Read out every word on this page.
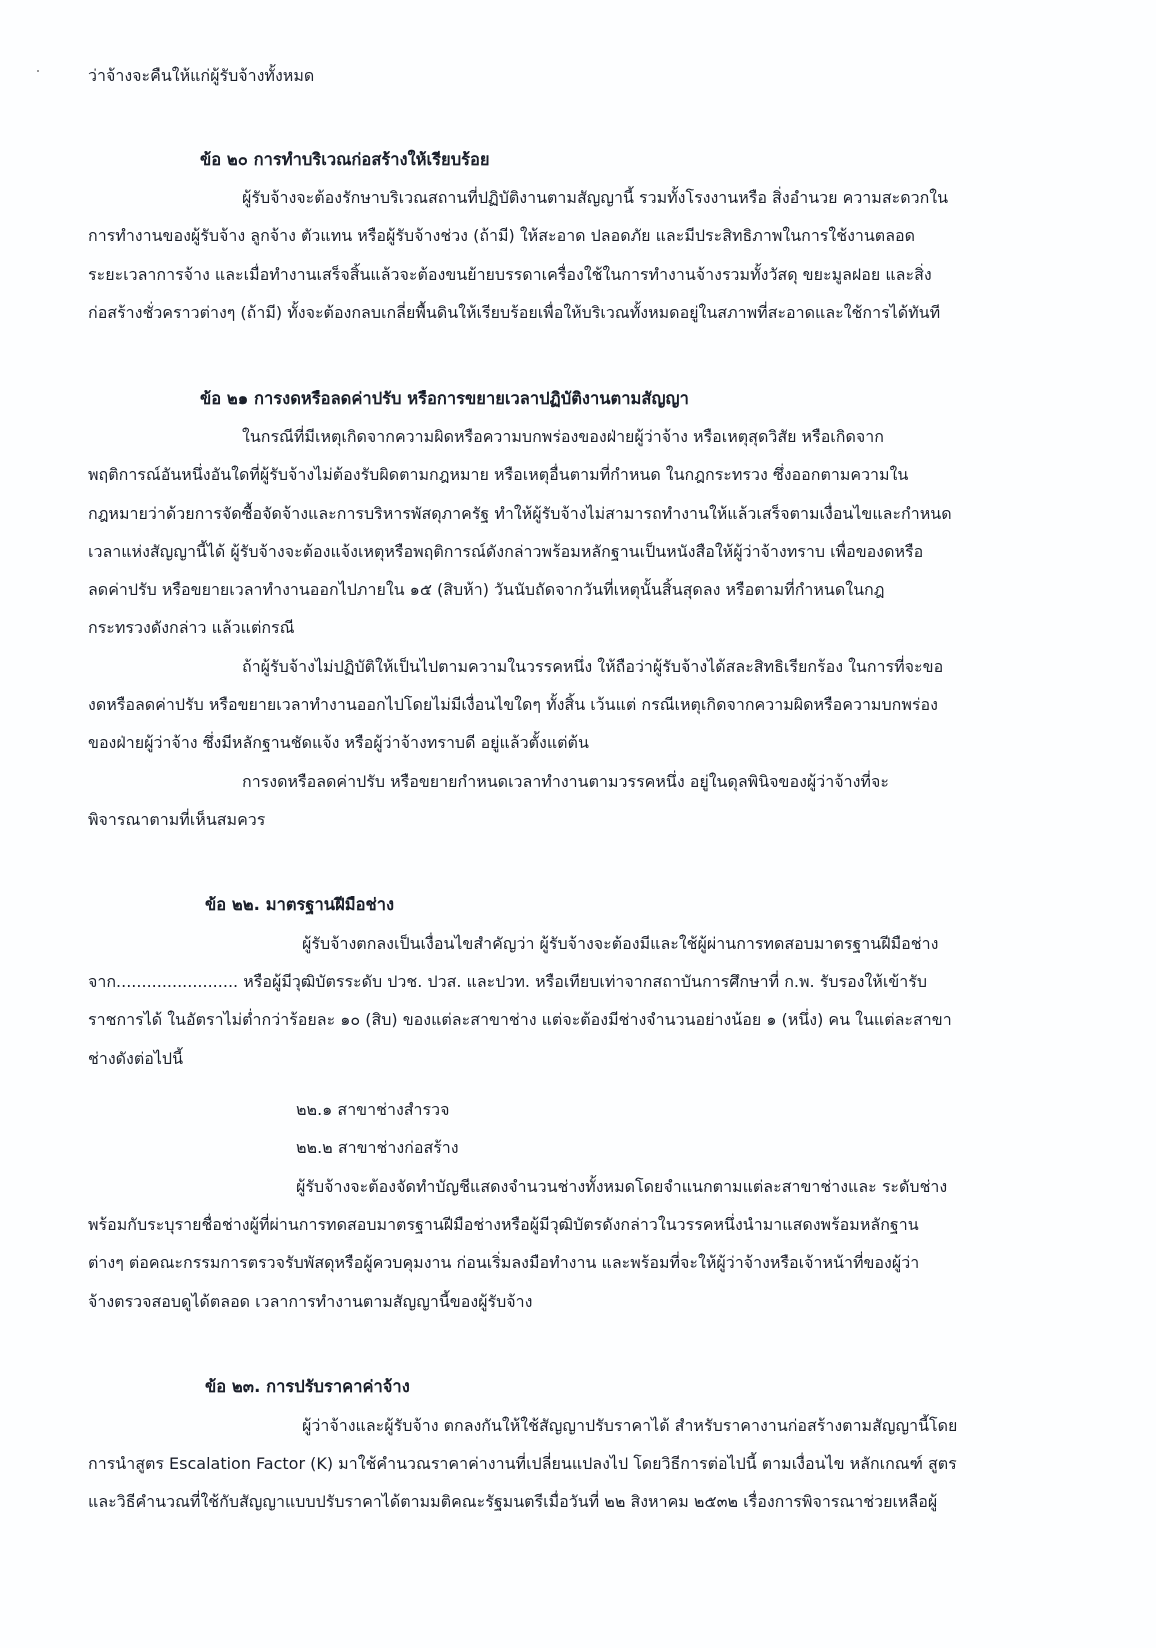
ว่าจ้างจะคืนให้แก่ผู้รับจ้างทั้งหมด
ข้อ ๒๐ การทำบริเวณก่อสร้างให้เรียบร้อย
ผู้รับจ้างจะต้องรักษาบริเวณสถานที่ปฏิบัติงานตามสัญญานี้ รวมทั้งโรงงานหรือ สิ่งอำนวย ความสะดวกใน
การทำงานของผู้รับจ้าง ลูกจ้าง ตัวแทน หรือผู้รับจ้างช่วง (ถ้ามี) ให้สะอาด ปลอดภัย และมีประสิทธิภาพในการใช้งานตลอด
ระยะเวลาการจ้าง และเมื่อทำงานเสร็จสิ้นแล้วจะต้องขนย้ายบรรดาเครื่องใช้ในการทำงานจ้างรวมทั้งวัสดุ ขยะมูลฝอย และสิ่ง
ก่อสร้างชั่วคราวต่างๆ (ถ้ามี) ทั้งจะต้องกลบเกลี่ยพื้นดินให้เรียบร้อยเพื่อให้บริเวณทั้งหมดอยู่ในสภาพที่สะอาดและใช้การได้ทันที
ข้อ ๒๑ การงดหรือลดค่าปรับ หรือการขยายเวลาปฏิบัติงานตามสัญญา
ในกรณีที่มีเหตุเกิดจากความผิดหรือความบกพร่องของฝ่ายผู้ว่าจ้าง หรือเหตุสุดวิสัย หรือเกิดจาก
พฤติการณ์อันหนึ่งอันใดที่ผู้รับจ้างไม่ต้องรับผิดตามกฎหมาย หรือเหตุอื่นตามที่กำหนด ในกฎกระทรวง ซึ่งออกตามความใน
กฎหมายว่าด้วยการจัดซื้อจัดจ้างและการบริหารพัสดุภาครัฐ ทำให้ผู้รับจ้างไม่สามารถทำงานให้แล้วเสร็จตามเงื่อนไขและกำหนด
เวลาแห่งสัญญานี้ได้ ผู้รับจ้างจะต้องแจ้งเหตุหรือพฤติการณ์ดังกล่าวพร้อมหลักฐานเป็นหนังสือให้ผู้ว่าจ้างทราบ เพื่อของดหรือ
ลดค่าปรับ หรือขยายเวลาทำงานออกไปภายใน ๑๕ (สิบห้า) วันนับถัดจากวันที่เหตุนั้นสิ้นสุดลง หรือตามที่กำหนดในกฎ
กระทรวงดังกล่าว แล้วแต่กรณี
ถ้าผู้รับจ้างไม่ปฏิบัติให้เป็นไปตามความในวรรคหนึ่ง ให้ถือว่าผู้รับจ้างได้สละสิทธิเรียกร้อง ในการที่จะขอ
งดหรือลดค่าปรับ หรือขยายเวลาทำงานออกไปโดยไม่มีเงื่อนไขใดๆ ทั้งสิ้น เว้นแต่ กรณีเหตุเกิดจากความผิดหรือความบกพร่อง
ของฝ่ายผู้ว่าจ้าง ซึ่งมีหลักฐานชัดแจ้ง หรือผู้ว่าจ้างทราบดี อยู่แล้วตั้งแต่ต้น
การงดหรือลดค่าปรับ หรือขยายกำหนดเวลาทำงานตามวรรคหนึ่ง อยู่ในดุลพินิจของผู้ว่าจ้างที่จะ
พิจารณาตามที่เห็นสมควร
ข้อ ๒๒. มาตรฐานฝีมือช่าง
ผู้รับจ้างตกลงเป็นเงื่อนไขสำคัญว่า ผู้รับจ้างจะต้องมีและใช้ผู้ผ่านการทดสอบมาตรฐานฝีมือช่าง
จาก........................ หรือผู้มีวุฒิบัตรระดับ ปวช. ปวส. และปวท. หรือเทียบเท่าจากสถาบันการศึกษาที่ ก.พ. รับรองให้เข้ารับ
ราชการได้ ในอัตราไม่ต่ำกว่าร้อยละ ๑๐ (สิบ) ของแต่ละสาขาช่าง แต่จะต้องมีช่างจำนวนอย่างน้อย ๑ (หนึ่ง) คน ในแต่ละสาขา
ช่างดังต่อไปนี้
๒๒.๑ สาขาช่างสำรวจ
๒๒.๒ สาขาช่างก่อสร้าง
ผู้รับจ้างจะต้องจัดทำบัญชีแสดงจำนวนช่างทั้งหมดโดยจำแนกตามแต่ละสาขาช่างและ ระดับช่าง
พร้อมกับระบุรายชื่อช่างผู้ที่ผ่านการทดสอบมาตรฐานฝีมือช่างหรือผู้มีวุฒิบัตรดังกล่าวในวรรคหนึ่งนำมาแสดงพร้อมหลักฐาน
ต่างๆ ต่อคณะกรรมการตรวจรับพัสดุหรือผู้ควบคุมงาน ก่อนเริ่มลงมือทำงาน และพร้อมที่จะให้ผู้ว่าจ้างหรือเจ้าหน้าที่ของผู้ว่า
จ้างตรวจสอบดูได้ตลอด เวลาการทำงานตามสัญญานี้ของผู้รับจ้าง
ข้อ ๒๓. การปรับราคาค่าจ้าง
ผู้ว่าจ้างและผู้รับจ้าง ตกลงกันให้ใช้สัญญาปรับราคาได้ สำหรับราคางานก่อสร้างตามสัญญานี้โดย
การนำสูตร Escalation Factor (K) มาใช้คำนวณราคาค่างานที่เปลี่ยนแปลงไป โดยวิธีการต่อไปนี้ ตามเงื่อนไข หลักเกณฑ์ สูตร
และวิธีคำนวณที่ใช้กับสัญญาแบบปรับราคาได้ตามมติคณะรัฐมนตรีเมื่อวันที่ ๒๒ สิงหาคม ๒๕๓๒ เรื่องการพิจารณาช่วยเหลือผู้
